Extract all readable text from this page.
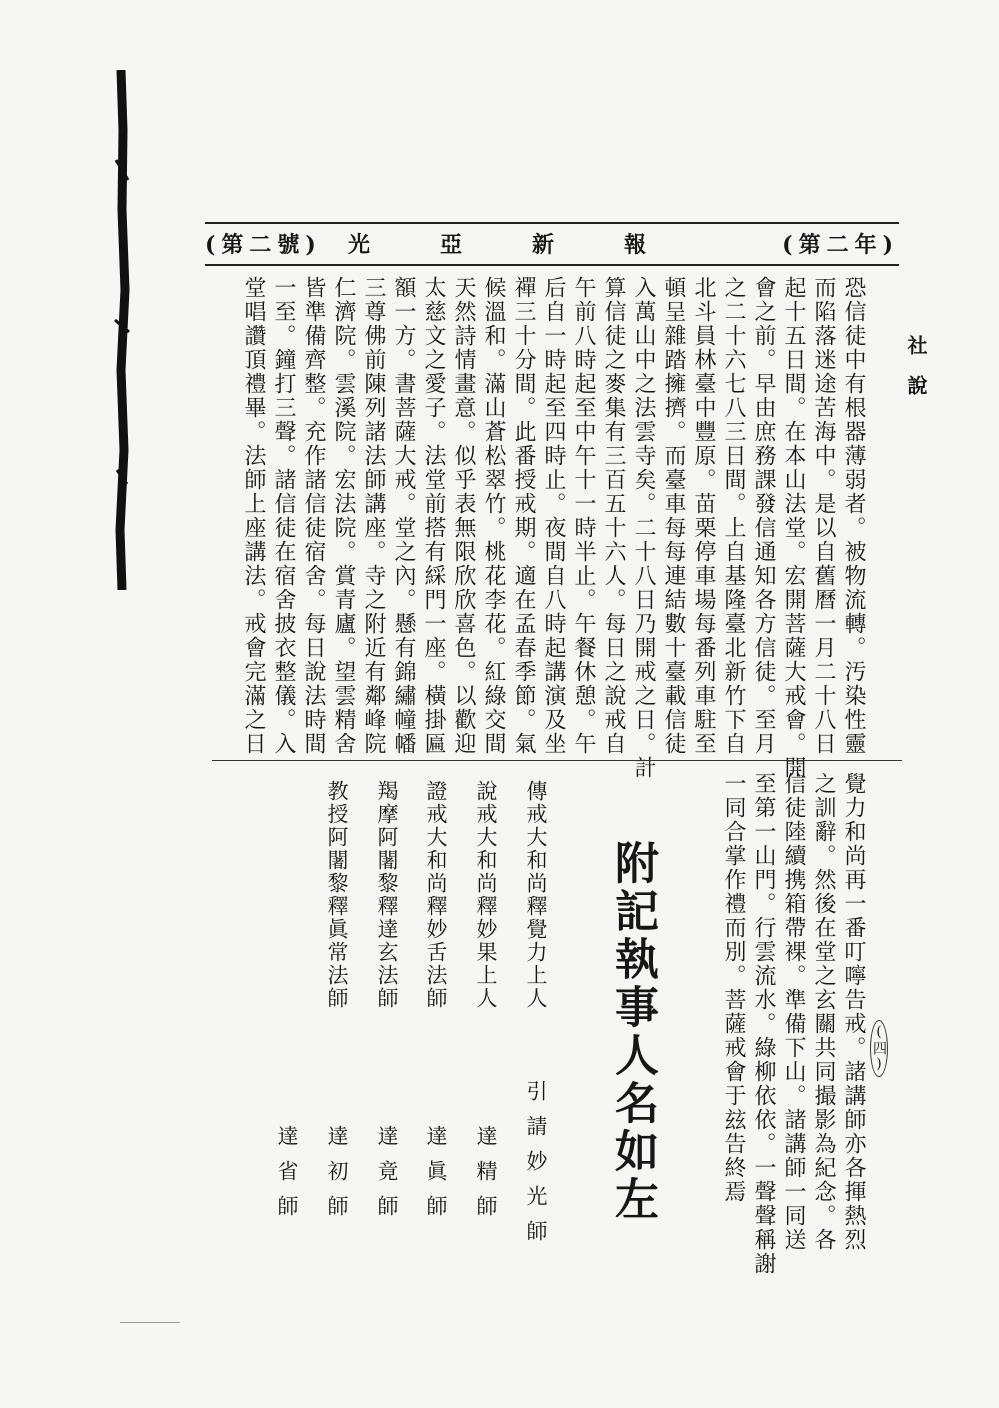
社說
(第二號) 光亞新報	(第二年)
恐信徒中有根器薄弱者。被物流轉。汚染性靈
而陷落迷途苦海中。是以自舊曆一月二十八日
起十五日間。在本山法堂。宏開菩薩大戒會。開
會之前。早由庶務課發信通知各方信徒。至月
之二十六七八三日間。上自基隆臺北新竹下自
北斗員林臺中豐原。苗栗停車場每番列車駐至
頓呈雜踏擁擠。而臺車每每連結數十臺載信徒
入萬山中之法雲寺矣。二十八日乃開戒之日。計
算信徒之麥集有三百五十六人。每日之說戒自
午前八時起至中午十一時半止。午餐休憩。午
后自一時起至四時止。夜間自八時起講演及坐
禪三十分間。此番授戒期。適在孟春季節。氣
候溫和。滿山蒼松翠竹。桃花李花。紅綠交間
天然詩情畫意。似乎表無限欣欣喜色。以歡迎
太慈文之愛子。法堂前搭有綵門一座。橫掛匾
額一方。書菩薩大戒。堂之內。懸有錦繡幢幡
三尊佛前陳列諸法師講座。寺之附近有鄰峰院
仁濟院。雲溪院。宏法院。賞青廬。望雲精舍
皆準備齊整。充作諸信徒宿舍。每日說法時間
一至。鐘打三聲。諸信徒在宿舍披衣整儀。入
堂唱讚頂禮畢。法師上座講法。戒會完滿之日
(四)
覺力和尚再一番叮嚀告戒。諸講師亦各揮熱烈
之訓辭。然後在堂之玄關共同撮影為紀念。各
信徒陸續携箱帶裸。準備下山。諸講師一同送
至第一山門。行雲流水。綠柳依依。一聲聲稱謝
一同合掌作禮而別。菩薩戒會于玆告終焉
附記執事人名如左
傳戒大和尚釋覺力上人
引請妙光師
說戒大和尚釋妙果上人
達精師
證戒大和尚釋妙舌法師
達眞師
羯摩阿闍黎釋達玄法師
達竟師
教授阿闍黎釋眞常法師
達初師
達省師
